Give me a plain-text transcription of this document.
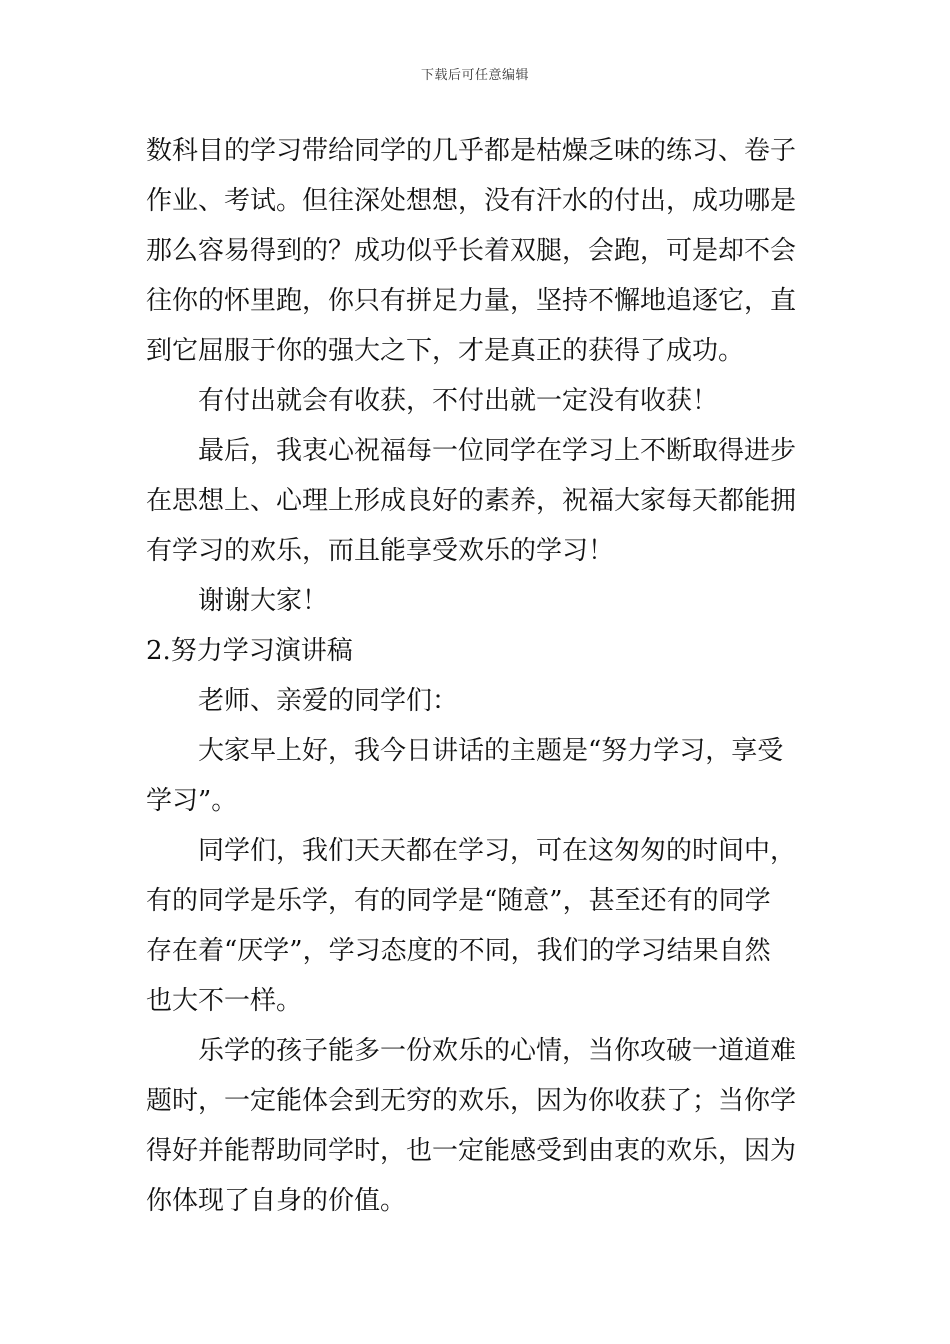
下载后可任意编辑
数科目的学习带给同学的几乎都是枯燥乏味的练习、卷子
作业、考试。但往深处想想，没有汗水的付出，成功哪是
那么容易得到的？成功似乎长着双腿，会跑，可是却不会
往你的怀里跑，你只有拼足力量，坚持不懈地追逐它，直
到它屈服于你的强大之下，才是真正的获得了成功。
有付出就会有收获，不付出就一定没有收获！
最后，我衷心祝福每一位同学在学习上不断取得进步
在思想上、心理上形成良好的素养，祝福大家每天都能拥
有学习的欢乐，而且能享受欢乐的学习！
谢谢大家！
2.努力学习演讲稿
老师、亲爱的同学们：
大家早上好，我今日讲话的主题是“努力学习，享受
学习”。
同学们，我们天天都在学习，可在这匆匆的时间中，
有的同学是乐学，有的同学是“随意”，甚至还有的同学
存在着“厌学”，学习态度的不同，我们的学习结果自然
也大不一样。
乐学的孩子能多一份欢乐的心情，当你攻破一道道难
题时，一定能体会到无穷的欢乐，因为你收获了；当你学
得好并能帮助同学时，也一定能感受到由衷的欢乐，因为
你体现了自身的价值。
